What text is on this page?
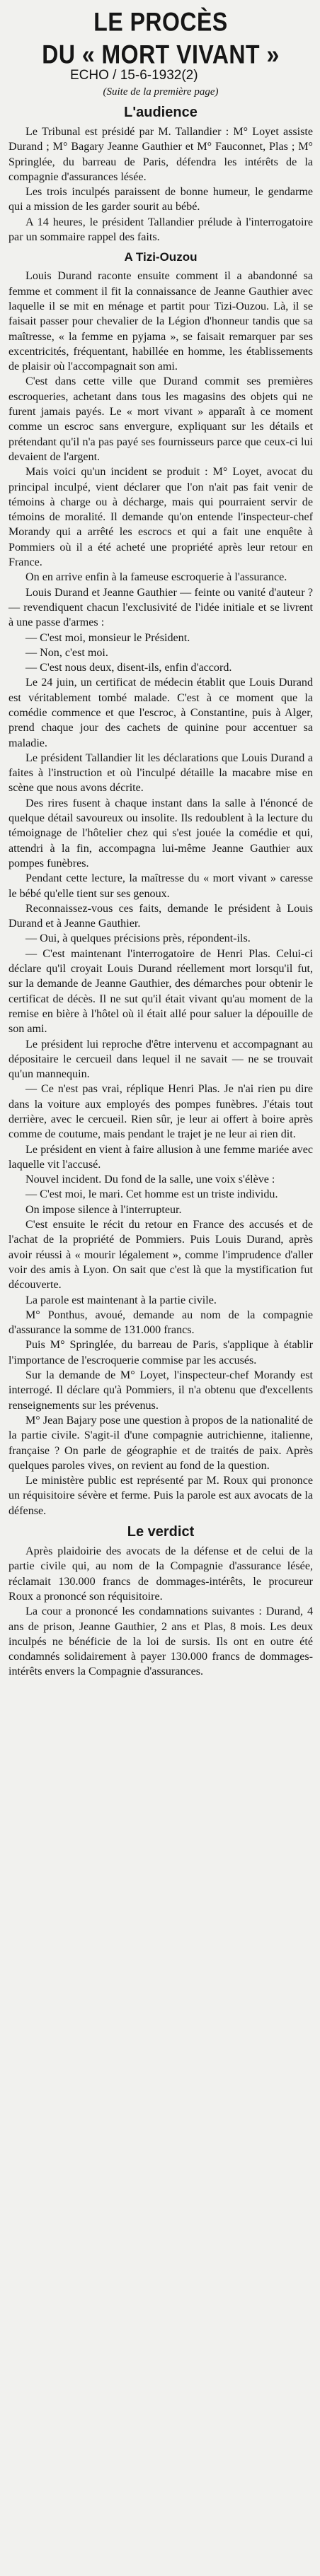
LE PROCÈS
DU « MORT VIVANT »
ECHO / 15-6-1932(2)
(Suite de la première page)
L'audience

Le Tribunal est présidé par M. Tallandier : M° Loyet assiste Durand ; M° Bagary Jeanne Gauthier et M° Fauconnet, Plas ; M° Springlée, du barreau de Paris, défendra les intérêts de la compagnie d'assurances lésée.

Les trois inculpés paraissent de bonne humeur, le gendarme qui a mission de les garder sourit au bébé.

A 14 heures, le président Tallandier prélude à l'interrogatoire par un sommaire rappel des faits.

A Tizi-Ouzou

Louis Durand raconte ensuite comment il a abandonné sa femme et comment il fit la connaissance de Jeanne Gauthier avec laquelle il se mit en ménage et partit pour Tizi-Ouzou. Là, il se faisait passer pour chevalier de la Légion d'honneur tandis que sa maîtresse, « la femme en pyjama », se faisait remarquer par ses excentricités, fréquentant, habillée en homme, les établissements de plaisir où l'accompagnait son ami.

C'est dans cette ville que Durand commit ses premières escroqueries, achetant dans tous les magasins des objets qui ne furent jamais payés. Le « mort vivant » apparaît à ce moment comme un escroc sans envergure, expliquant sur les détails et prétendant qu'il n'a pas payé ses fournisseurs parce que ceux-ci lui devaient de l'argent.

Mais voici qu'un incident se produit : M° Loyet, avocat du principal inculpé, vient déclarer que l'on n'ait pas fait venir de témoins à charge ou à décharge, mais qui pourraient servir de témoins de moralité. Il demande qu'on entende l'inspecteur-chef Morandy qui a arrêté les escrocs et qui a fait une enquête à Pommiers où il a été acheté une propriété après leur retour en France.

On en arrive enfin à la fameuse escroquerie à l'assurance.

Louis Durand et Jeanne Gauthier — feinte ou vanité d'auteur ? — revendiquent chacun l'exclusivité de l'idée initiale et se livrent à une passe d'armes :

— C'est moi, monsieur le Président.

— Non, c'est moi.

— C'est nous deux, disent-ils, enfin d'accord.

Le 24 juin, un certificat de médecin établit que Louis Durand est véritablement tombé malade. C'est à ce moment que la comédie commence et que l'escroc, à Constantine, puis à Alger, prend chaque jour des cachets de quinine pour accentuer sa maladie.

Le président Tallandier lit les déclarations que Louis Durand a faites à l'instruction et où l'inculpé détaille la macabre mise en scène que nous avons décrite.

Des rires fusent à chaque instant dans la salle à l'énoncé de quelque détail savoureux ou insolite. Ils redoublent à la lecture du témoignage de l'hôtelier chez qui s'est jouée la comédie et qui, attendri à la fin, accompagna lui-même Jeanne Gauthier aux pompes funèbres.

Pendant cette lecture, la maîtresse du « mort vivant » caresse le bébé qu'elle tient sur ses genoux.

Reconnaissez-vous ces faits, demande le président à Louis Durand et à Jeanne Gauthier.

— Oui, à quelques précisions près, répondent-ils.

— C'est maintenant l'interrogatoire de Henri Plas. Celui-ci déclare qu'il croyait Louis Durand réellement mort lorsqu'il fut, sur la demande de Jeanne Gauthier, des démarches pour obtenir le certificat de décès. Il ne sut qu'il était vivant qu'au moment de la remise en bière à l'hôtel où il était allé pour saluer la dépouille de son ami.

Le président lui reproche d'être intervenu et accompagnant au dépositaire le cercueil dans lequel il ne savait — ne se trouvait qu'un mannequin.

— Ce n'est pas vrai, réplique Henri Plas. Je n'ai rien pu dire dans la voiture aux employés des pompes funèbres. J'étais tout derrière, avec le cercueil. Rien sûr, je leur ai offert à boire après comme de coutume, mais pendant le trajet je ne leur ai rien dit.

Le président en vient à faire allusion à une femme mariée avec laquelle vit l'accusé.

Nouvel incident. Du fond de la salle, une voix s'élève :

— C'est moi, le mari. Cet homme est un triste individu.

On impose silence à l'interrupteur.

C'est ensuite le récit du retour en France des accusés et de l'achat de la propriété de Pommiers. Puis Louis Durand, après avoir réussi à « mourir légalement », comme l'imprudence d'aller voir des amis à Lyon. On sait que c'est là que la mystification fut découverte.

La parole est maintenant à la partie civile.

M° Ponthus, avoué, demande au nom de la compagnie d'assurance la somme de 131.000 francs.

Puis M° Springlée, du barreau de Paris, s'applique à établir l'importance de l'escroquerie commise par les accusés.

Sur la demande de M° Loyet, l'inspecteur-chef Morandy est interrogé. Il déclare qu'à Pommiers, il n'a obtenu que d'excellents renseignements sur les prévenus.

M° Jean Bajary pose une question à propos de la nationalité de la partie civile. S'agit-il d'une compagnie autrichienne, italienne, française ? On parle de géographie et de traités de paix. Après quelques paroles vives, on revient au fond de la question.

Le ministère public est représenté par M. Roux qui prononce un réquisitoire sévère et ferme. Puis la parole est aux avocats de la défense.

Le verdict

Après plaidoirie des avocats de la défense et de celui de la partie civile qui, au nom de la Compagnie d'assurance lésée, réclamait 130.000 francs de dommages-intérêts, le procureur Roux a prononcé son réquisitoire.

La cour a prononcé les condamnations suivantes : Durand, 4 ans de prison, Jeanne Gauthier, 2 ans et Plas, 8 mois. Les deux inculpés ne bénéficie de la loi de sursis. Ils ont en outre été condamnés solidairement à payer 130.000 francs de dommages-intérêts envers la Compagnie d'assurances.
